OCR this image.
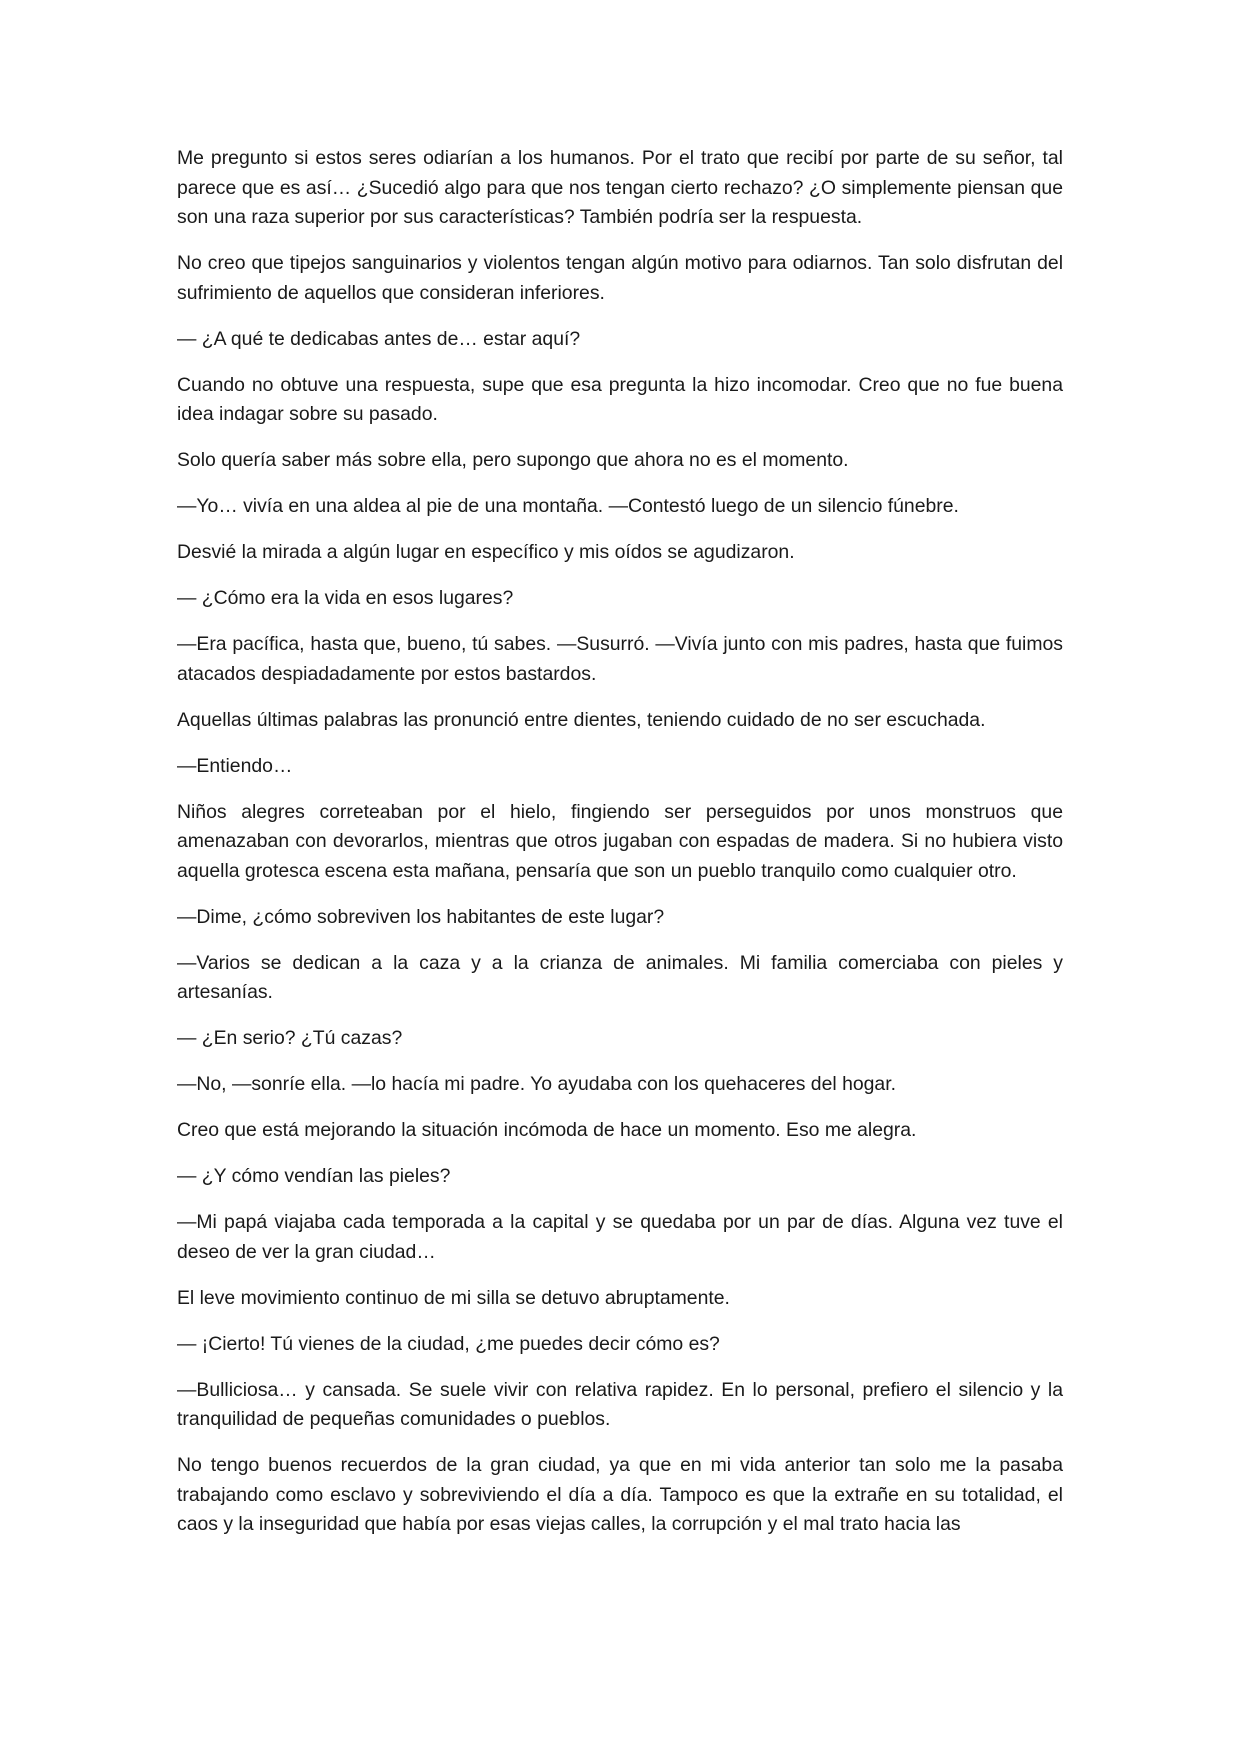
Me pregunto si estos seres odiarían a los humanos. Por el trato que recibí por parte de su señor, tal parece que es así… ¿Sucedió algo para que nos tengan cierto rechazo? ¿O simplemente piensan que son una raza superior por sus características? También podría ser la respuesta.

No creo que tipejos sanguinarios y violentos tengan algún motivo para odiarnos. Tan solo disfrutan del sufrimiento de aquellos que consideran inferiores.

— ¿A qué te dedicabas antes de… estar aquí?

Cuando no obtuve una respuesta, supe que esa pregunta la hizo incomodar. Creo que no fue buena idea indagar sobre su pasado.

Solo quería saber más sobre ella, pero supongo que ahora no es el momento.

—Yo… vivía en una aldea al pie de una montaña. —Contestó luego de un silencio fúnebre.

Desvié la mirada a algún lugar en específico y mis oídos se agudizaron.

— ¿Cómo era la vida en esos lugares?

—Era pacífica, hasta que, bueno, tú sabes. —Susurró. —Vivía junto con mis padres, hasta que fuimos atacados despiadadamente por estos bastardos.

Aquellas últimas palabras las pronunció entre dientes, teniendo cuidado de no ser escuchada.

—Entiendo…

Niños alegres correteaban por el hielo, fingiendo ser perseguidos por unos monstruos que amenazaban con devorarlos, mientras que otros jugaban con espadas de madera. Si no hubiera visto aquella grotesca escena esta mañana, pensaría que son un pueblo tranquilo como cualquier otro.

—Dime, ¿cómo sobreviven los habitantes de este lugar?

—Varios se dedican a la caza y a la crianza de animales. Mi familia comerciaba con pieles y artesanías.

— ¿En serio? ¿Tú cazas?

—No, —sonríe ella. —lo hacía mi padre. Yo ayudaba con los quehaceres del hogar.

Creo que está mejorando la situación incómoda de hace un momento. Eso me alegra.

— ¿Y cómo vendían las pieles?

—Mi papá viajaba cada temporada a la capital y se quedaba por un par de días. Alguna vez tuve el deseo de ver la gran ciudad…

El leve movimiento continuo de mi silla se detuvo abruptamente.

— ¡Cierto! Tú vienes de la ciudad, ¿me puedes decir cómo es?

—Bulliciosa… y cansada. Se suele vivir con relativa rapidez. En lo personal, prefiero el silencio y la tranquilidad de pequeñas comunidades o pueblos.

No tengo buenos recuerdos de la gran ciudad, ya que en mi vida anterior tan solo me la pasaba trabajando como esclavo y sobreviviendo el día a día. Tampoco es que la extrañe en su totalidad, el caos y la inseguridad que había por esas viejas calles, la corrupción y el mal trato hacia las
